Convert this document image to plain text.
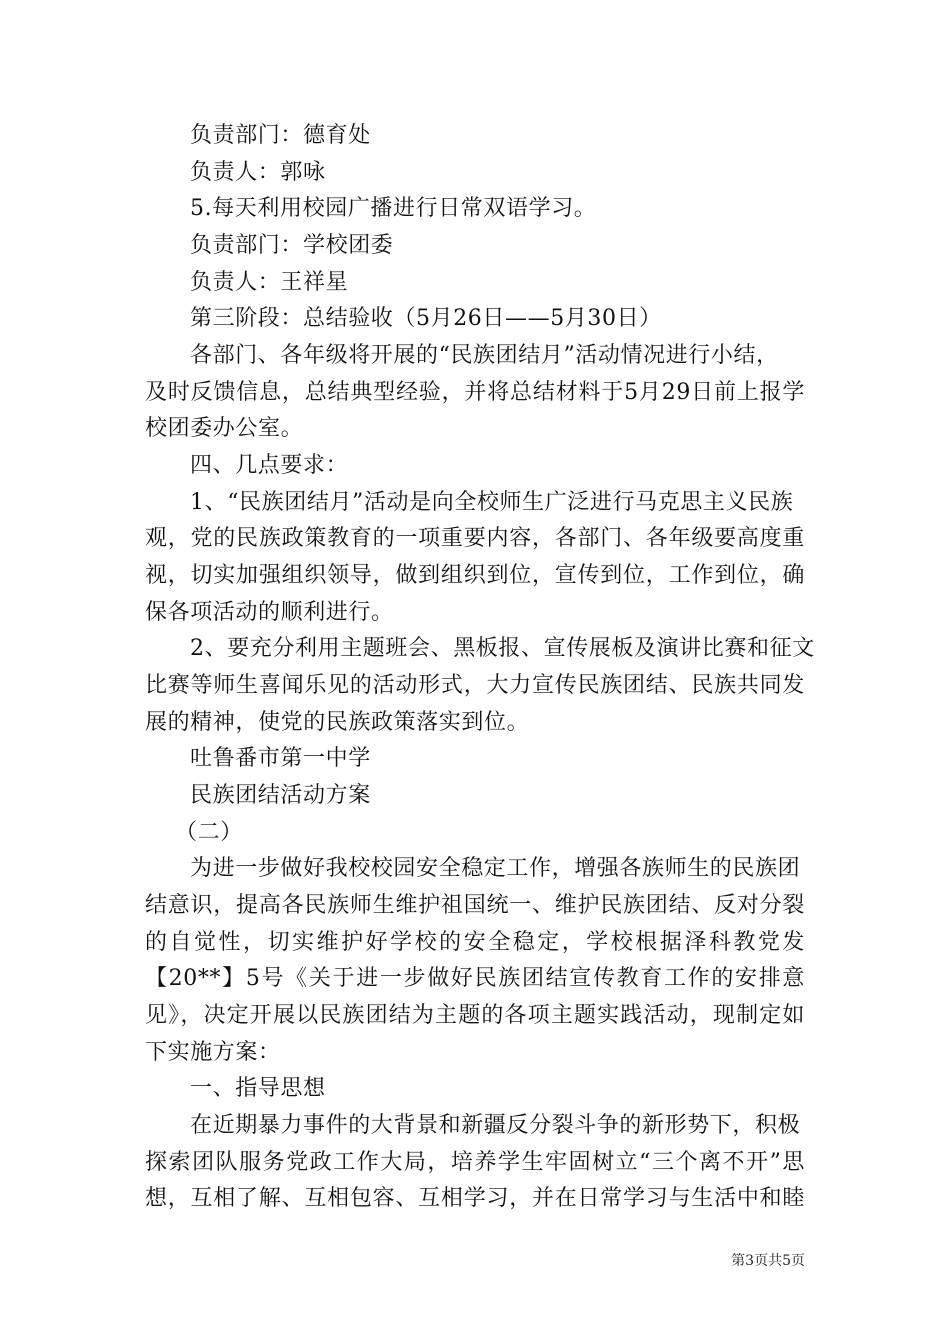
负责部门：德育处
负责人：郭咏
5.每天利用校园广播进行日常双语学习。
负责部门：学校团委
负责人：王祥星
第三阶段：总结验收（5月26日——5月30日）
各部门、各年级将开展的“民族团结月”活动情况进行小结，
及时反馈信息，总结典型经验，并将总结材料于5月29日前上报学
校团委办公室。
四、几点要求：
1、“民族团结月”活动是向全校师生广泛进行马克思主义民族
观，党的民族政策教育的一项重要内容，各部门、各年级要高度重
视，切实加强组织领导，做到组织到位，宣传到位，工作到位，确
保各项活动的顺利进行。
2、要充分利用主题班会、黑板报、宣传展板及演讲比赛和征文
比赛等师生喜闻乐见的活动形式，大力宣传民族团结、民族共同发
展的精神，使党的民族政策落实到位。
吐鲁番市第一中学
民族团结活动方案
（二）
为进一步做好我校校园安全稳定工作，增强各族师生的民族团
结意识，提高各民族师生维护祖国统一、维护民族团结、反对分裂
的自觉性，切实维护好学校的安全稳定，学校根据泽科教党发
【20**】5号《关于进一步做好民族团结宣传教育工作的安排意
见》，决定开展以民族团结为主题的各项主题实践活动，现制定如
下实施方案：
一、指导思想
在近期暴力事件的大背景和新疆反分裂斗争的新形势下，积极
探索团队服务党政工作大局，培养学生牢固树立“三个离不开”思
想，互相了解、互相包容、互相学习，并在日常学习与生活中和睦
第3页共5页
